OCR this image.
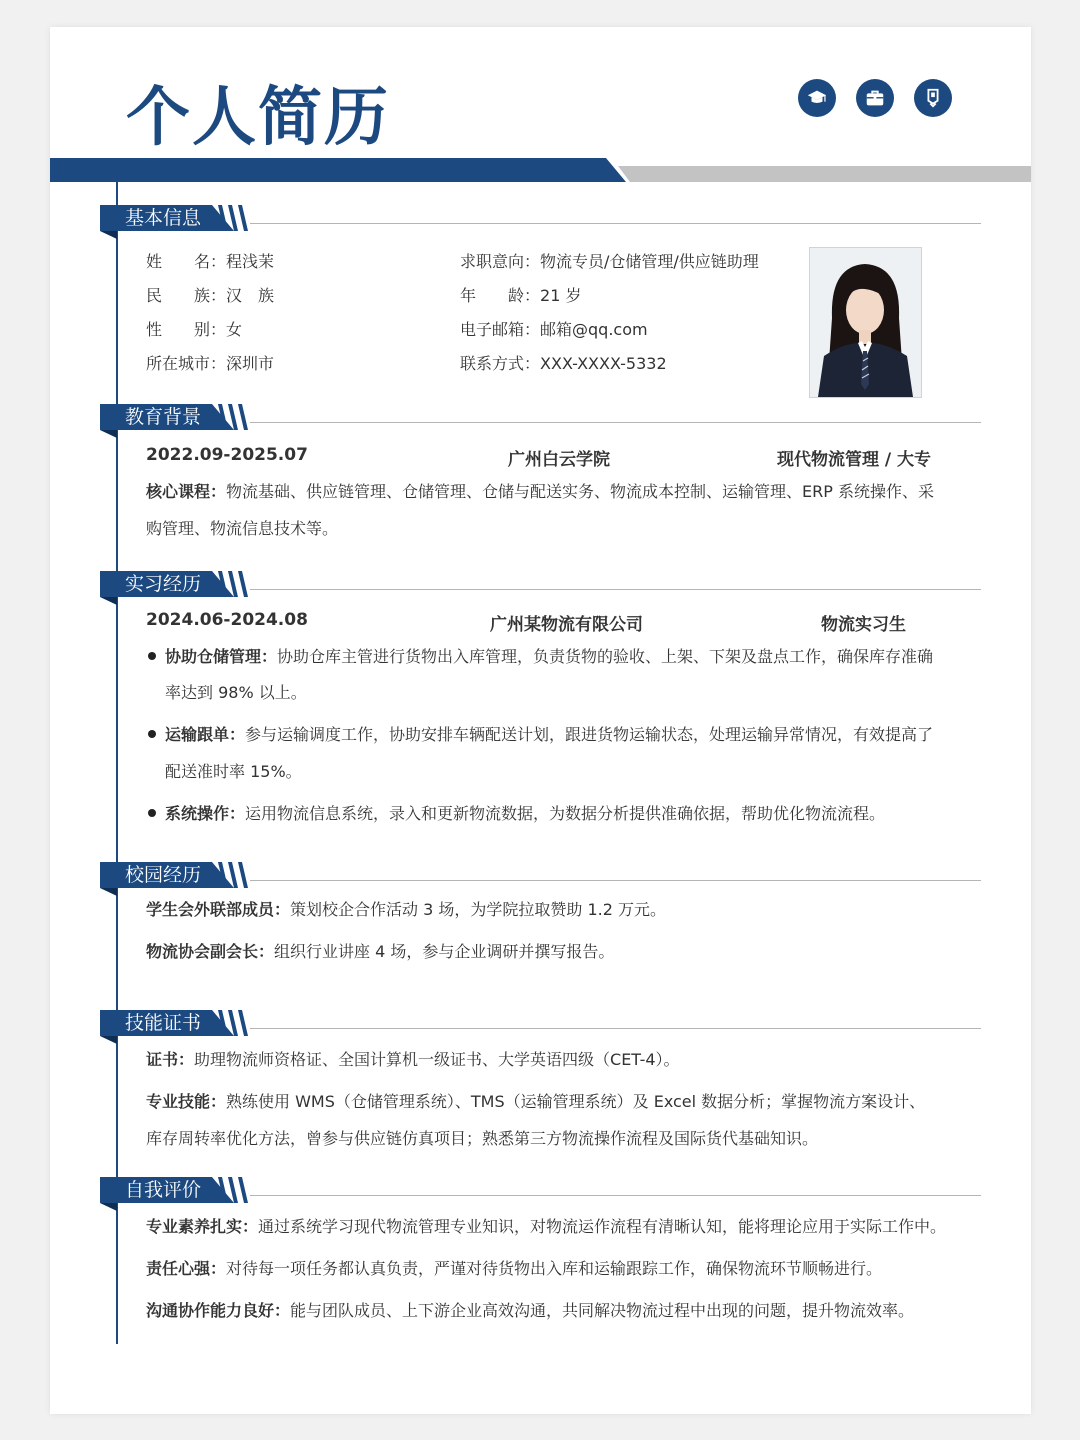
个人简历
基本信息
姓　　名：程浅茉
民　　族：汉　族
性　　别：女
所在城市：深圳市
求职意向：物流专员/仓储管理/供应链助理
年　　龄：21 岁
电子邮箱：邮箱@qq.com
联系方式：XXX-XXXX-5332
教育背景
2022.09-2025.07	广州白云学院	现代物流管理 / 大专
核心课程：物流基础、供应链管理、仓储管理、仓储与配送实务、物流成本控制、运输管理、ERP 系统操作、采
购管理、物流信息技术等。
实习经历
2024.06-2024.08	广州某物流有限公司	物流实习生
协助仓储管理：协助仓库主管进行货物出入库管理，负责货物的验收、上架、下架及盘点工作，确保库存准确
率达到 98% 以上。
运输跟单：参与运输调度工作，协助安排车辆配送计划，跟进货物运输状态，处理运输异常情况，有效提高了
配送准时率 15%。
系统操作：运用物流信息系统，录入和更新物流数据，为数据分析提供准确依据，帮助优化物流流程。
校园经历
学生会外联部成员：策划校企合作活动 3 场，为学院拉取赞助 1.2 万元。
物流协会副会长：组织行业讲座 4 场，参与企业调研并撰写报告。
技能证书
证书：助理物流师资格证、全国计算机一级证书、大学英语四级（CET-4）。
专业技能：熟练使用 WMS（仓储管理系统）、TMS（运输管理系统）及 Excel 数据分析；掌握物流方案设计、
库存周转率优化方法，曾参与供应链仿真项目；熟悉第三方物流操作流程及国际货代基础知识。
自我评价
专业素养扎实：通过系统学习现代物流管理专业知识，对物流运作流程有清晰认知，能将理论应用于实际工作中。
责任心强：对待每一项任务都认真负责，严谨对待货物出入库和运输跟踪工作，确保物流环节顺畅进行。
沟通协作能力良好：能与团队成员、上下游企业高效沟通，共同解决物流过程中出现的问题，提升物流效率。
